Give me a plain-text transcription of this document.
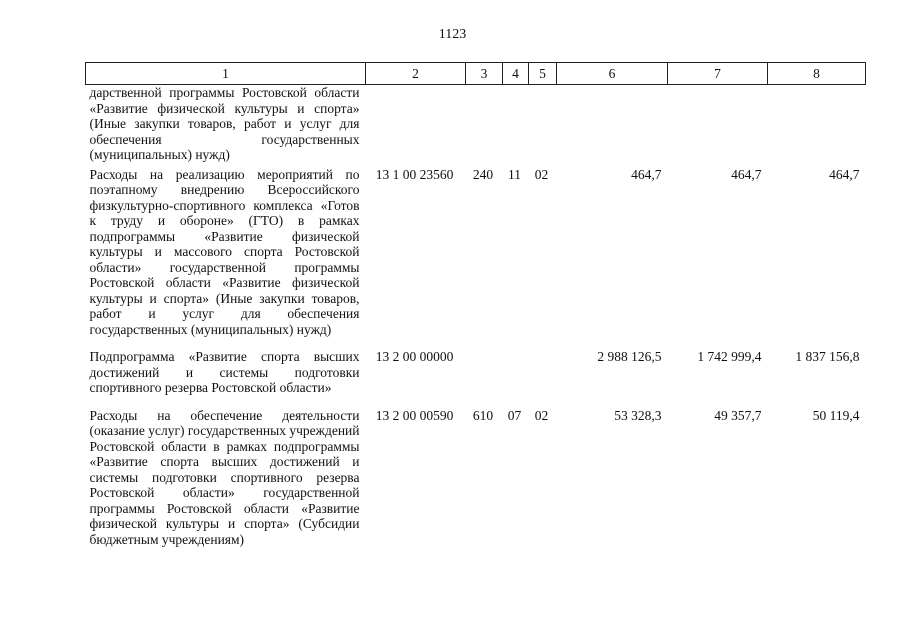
1123
1	2	3	4	5	6	7	8
дарственной программы Ростовской области «Развитие физической культуры и спорта» (Иные закупки товаров, работ и услуг для обеспечения государственных (муниципальных) нужд)							
Расходы на реализацию мероприятий по поэтапному внедрению Всероссийского физкультурно-спортивного комплекса «Готов к труду и обороне» (ГТО) в рамках подпрограммы «Развитие физической культуры и массового спорта Ростовской области» государственной программы Ростовской области «Развитие физической культуры и спорта» (Иные закупки товаров, работ и услуг для обеспечения государственных (муниципальных) нужд)	13 1 00 23560	240	11	02	464,7	464,7	464,7
Подпрограмма «Развитие спорта высших достижений и системы подготовки спортивного резерва Ростовской области»	13 2 00 00000				2 988 126,5	1 742 999,4	1 837 156,8
Расходы на обеспечение деятельности (оказание услуг) государственных учреждений Ростовской области в рамках подпрограммы «Развитие спорта высших достижений и системы подготовки спортивного резерва Ростовской области» государственной программы Ростовской области «Развитие физической культуры и спорта» (Субсидии бюджетным учреждениям)	13 2 00 00590	610	07	02	53 328,3	49 357,7	50 119,4
